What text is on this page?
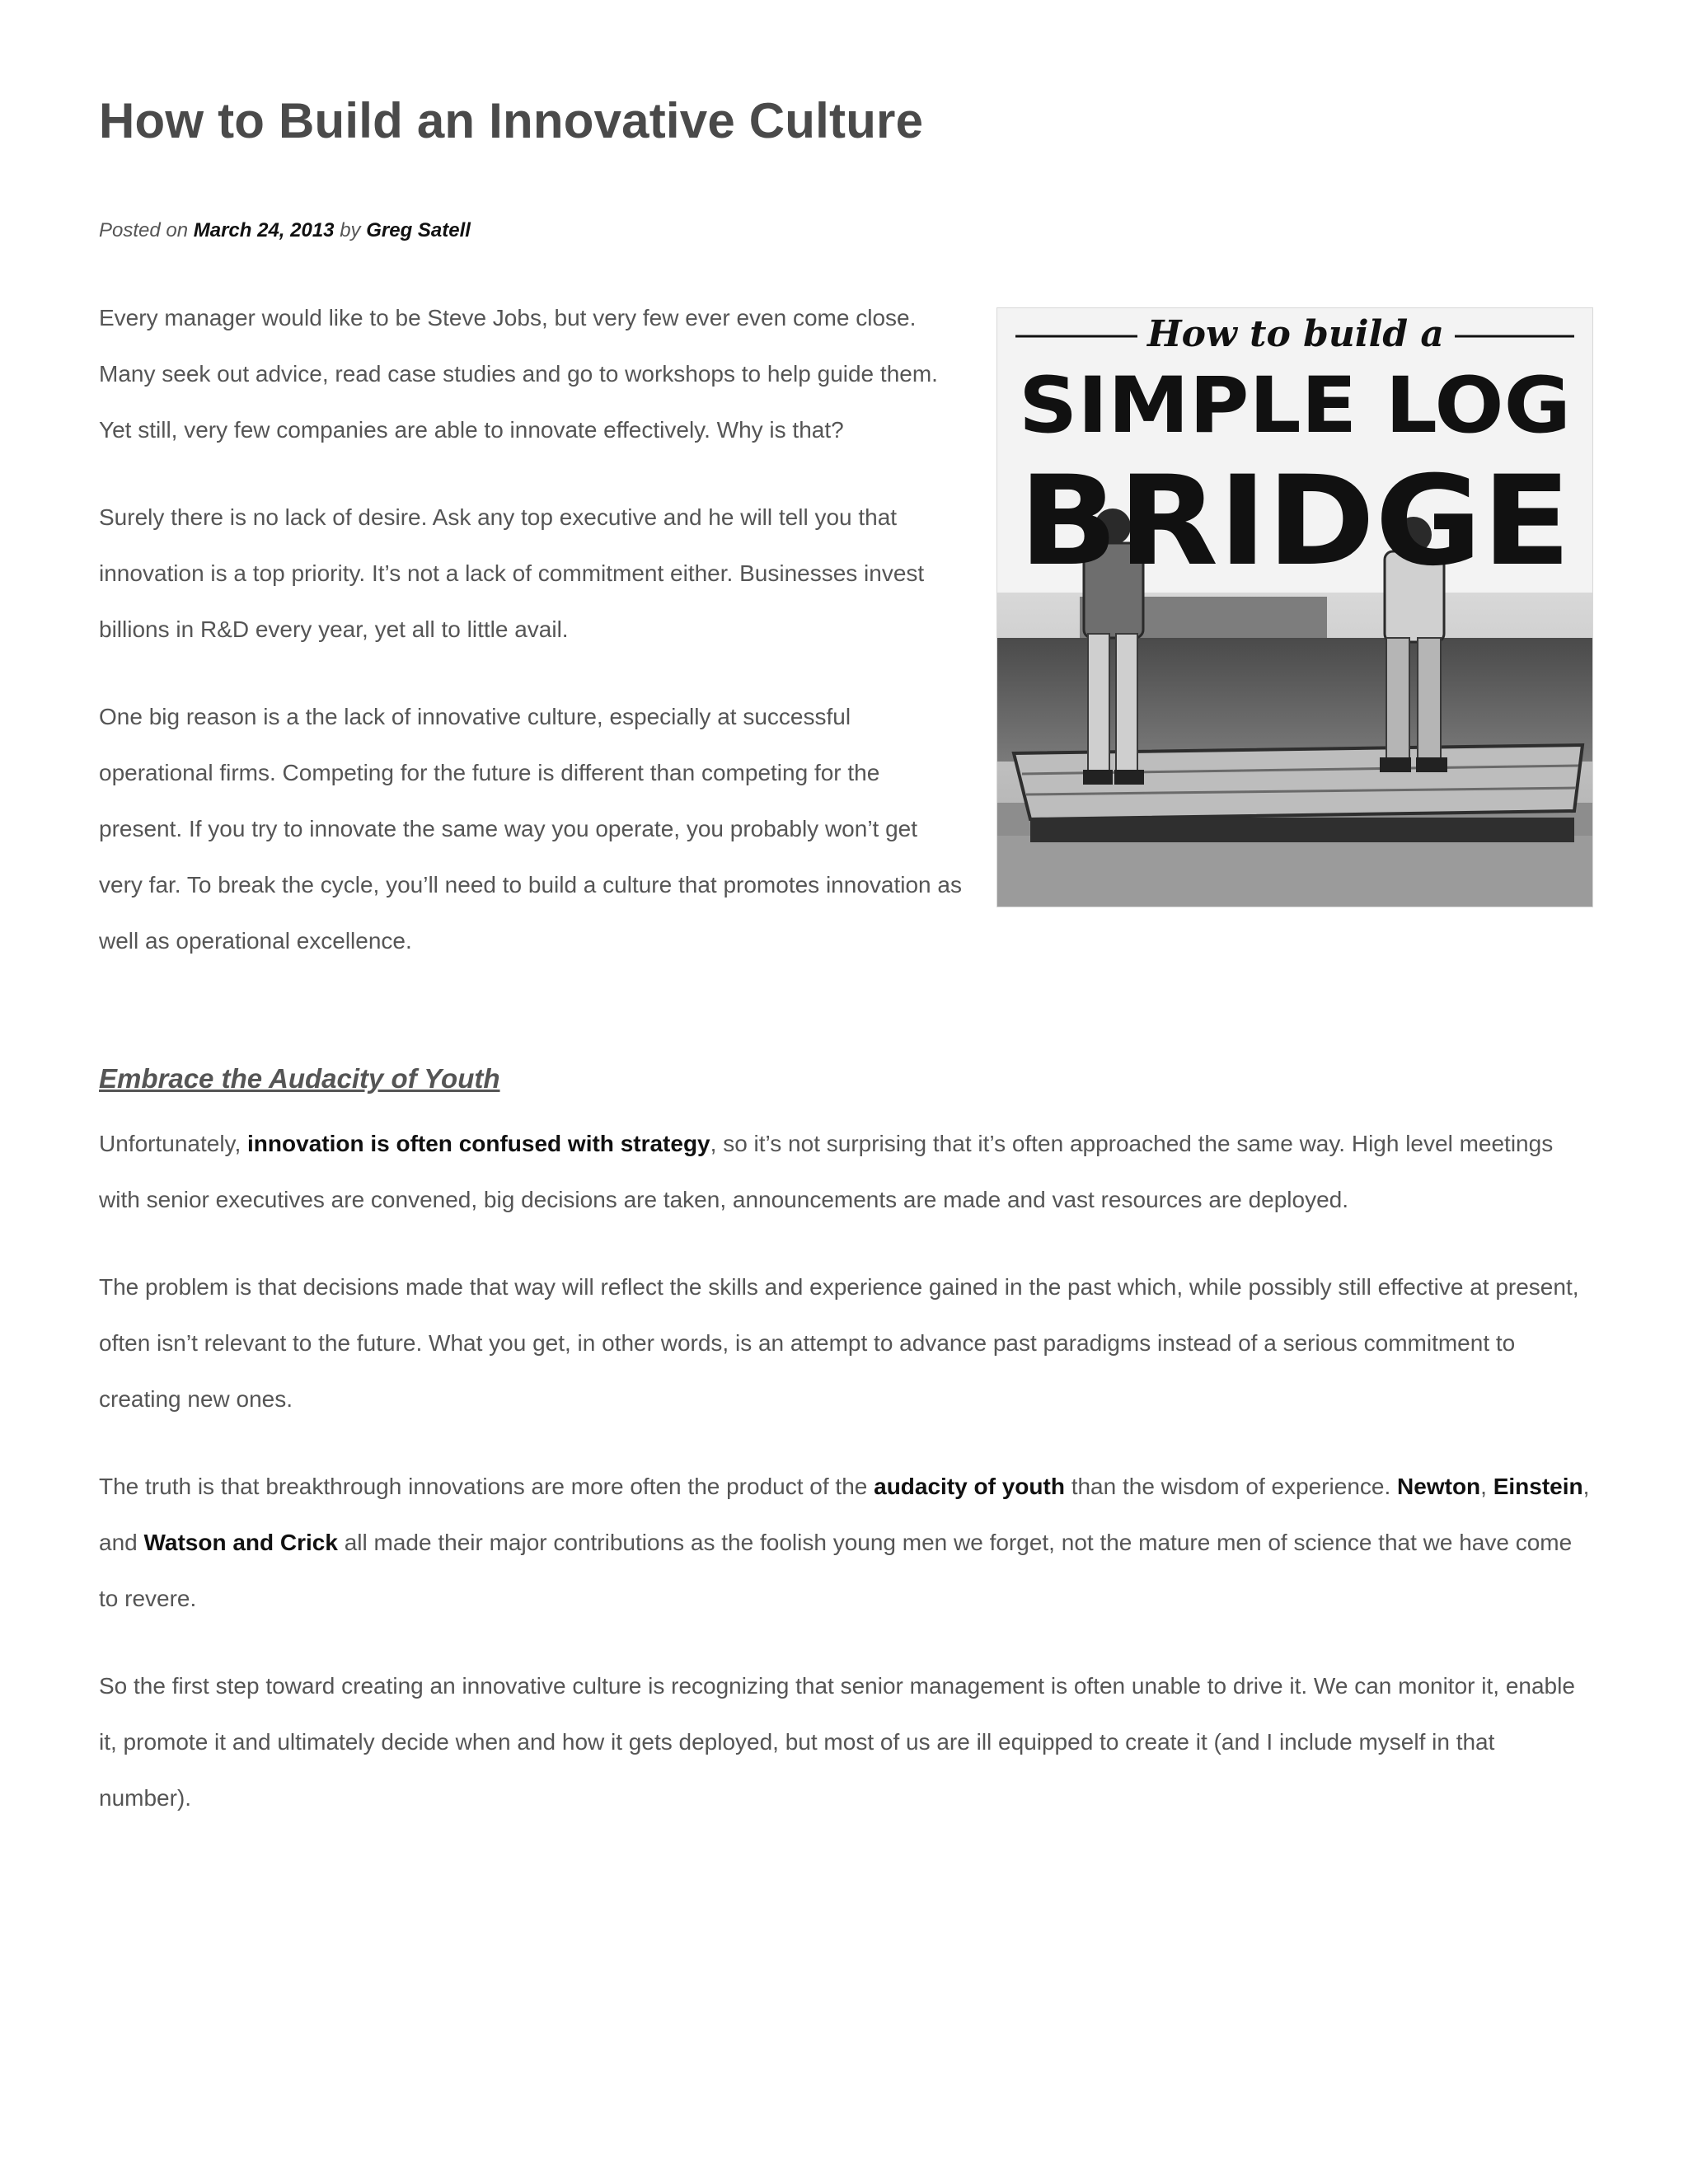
How to Build an Innovative Culture

Posted on March 24, 2013 by Greg Satell

Every manager would like to be Steve Jobs, but very few ever even come close. Many seek out advice, read case studies and go to workshops to help guide them. Yet still, very few companies are able to innovate effectively. Why is that?

Surely there is no lack of desire. Ask any top executive and he will tell you that innovation is a top priority. It’s not a lack of commitment either. Businesses invest billions in R&D every year, yet all to little avail.

One big reason is a the lack of innovative culture, especially at successful operational firms. Competing for the future is different than competing for the present. If you try to innovate the same way you operate, you probably won’t get very far. To break the cycle, you’ll need to build a culture that promotes innovation as well as operational excellence.

How to build a
SIMPLE LOG
BRIDGE
Embrace the Audacity of Youth

Unfortunately, innovation is often confused with strategy, so it’s not surprising that it’s often approached the same way. High level meetings with senior executives are convened, big decisions are taken, announcements are made and vast resources are deployed.

The problem is that decisions made that way will reflect the skills and experience gained in the past which, while possibly still effective at present, often isn’t relevant to the future. What you get, in other words, is an attempt to advance past paradigms instead of a serious commitment to creating new ones.

The truth is that breakthrough innovations are more often the product of the audacity of youth than the wisdom of experience. Newton, Einstein, and Watson and Crick all made their major contributions as the foolish young men we forget, not the mature men of science that we have come to revere.

So the first step toward creating an innovative culture is recognizing that senior management is often unable to drive it. We can monitor it, enable it, promote it and ultimately decide when and how it gets deployed, but most of us are ill equipped to create it (and I include myself in that number).
